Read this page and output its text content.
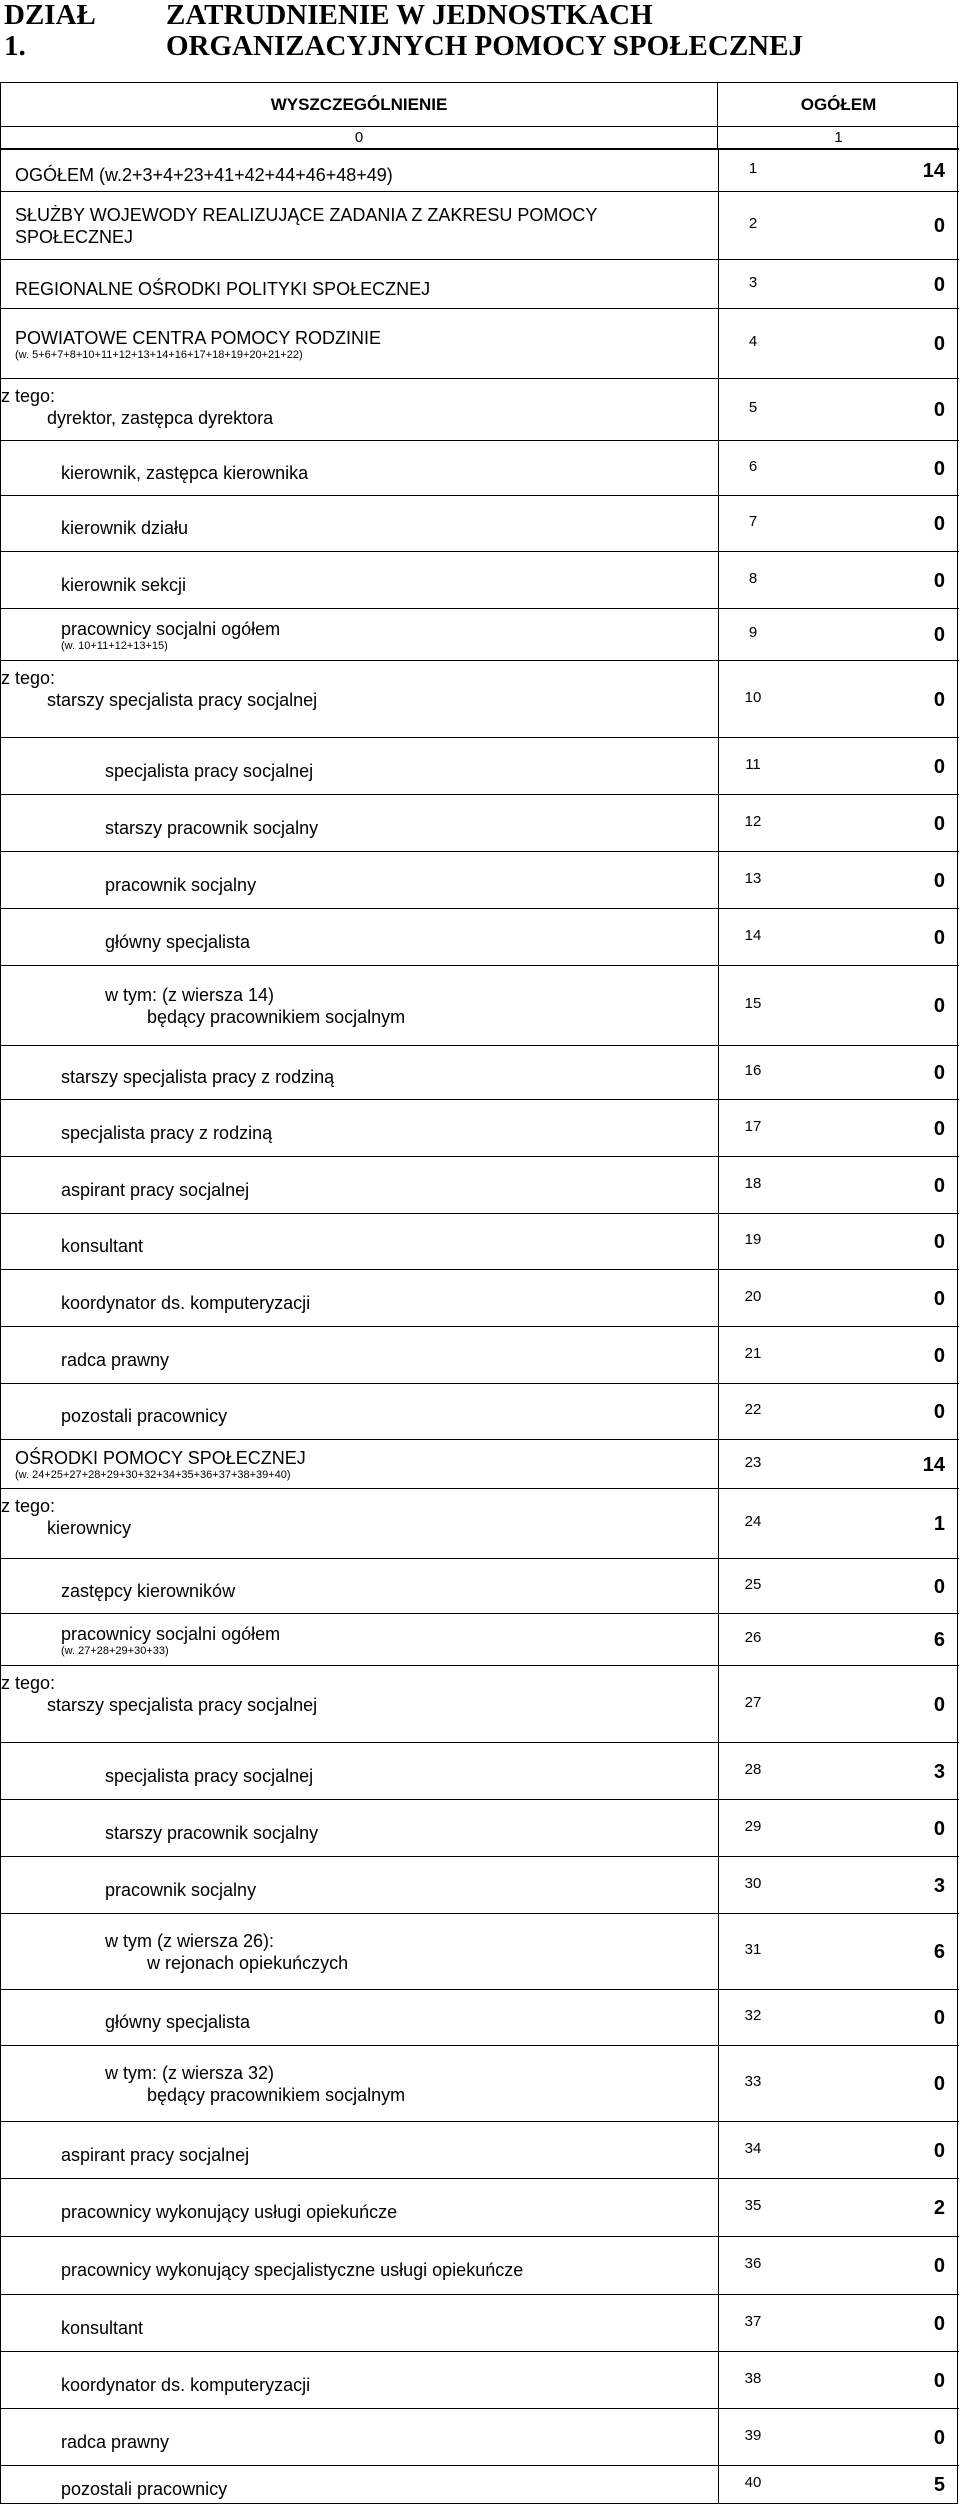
DZIAŁ 1.
ZATRUDNIENIE W JEDNOSTKACH
ORGANIZACYJNYCH POMOCY SPOŁECZNEJ
WYSZCZEGÓLNIENIE	OGÓŁEM
0	1
OGÓŁEM (w.2+3+4+23+41+42+44+46+48+49)	1	14
SŁUŻBY WOJEWODY REALIZUJĄCE ZADANIA Z ZAKRESU POMOCY
SPOŁECZNEJ
2	0
REGIONALNE OŚRODKI POLITYKI SPOŁECZNEJ	3	0
POWIATOWE CENTRA POMOCY RODZINIE
(w. 5+6+7+8+10+11+12+13+14+16+17+18+19+20+21+22)
4	0
z tego:
dyrektor, zastępca dyrektora
5	0
kierownik, zastępca kierownika	6	0
kierownik działu	7	0
kierownik sekcji	8	0
pracownicy socjalni ogółem
(w. 10+11+12+13+15)
9	0
z tego:
starszy specjalista pracy socjalnej	10	0
specjalista pracy socjalnej	11	0
starszy pracownik socjalny	12	0
pracownik socjalny	13	0
główny specjalista	14	0
w tym: (z wiersza 14)
będący pracownikiem socjalnym
15	0
starszy specjalista pracy z rodziną	16	0
specjalista pracy z rodziną	17	0
aspirant pracy socjalnej	18	0
konsultant	19	0
koordynator ds. komputeryzacji	20	0
radca prawny	21	0
pozostali pracownicy	22	0
OŚRODKI POMOCY SPOŁECZNEJ
(w. 24+25+27+28+29+30+32+34+35+36+37+38+39+40)
23	14
z tego:
kierownicy	24	1
zastępcy kierowników	25	0
pracownicy socjalni ogółem
(w. 27+28+29+30+33)
26	6
z tego:
starszy specjalista pracy socjalnej	27	0
specjalista pracy socjalnej	28	3
starszy pracownik socjalny	29	0
pracownik socjalny	30	3
w tym (z wiersza 26):
w rejonach opiekuńczych
31	6
główny specjalista	32	0
w tym: (z wiersza 32)
będący pracownikiem socjalnym
33	0
aspirant pracy socjalnej	34	0
pracownicy wykonujący usługi opiekuńcze	35	2
pracownicy wykonujący specjalistyczne usługi opiekuńcze	36	0
konsultant	37	0
koordynator ds. komputeryzacji	38	0
radca prawny	39	0
pozostali pracownicy	40	5
